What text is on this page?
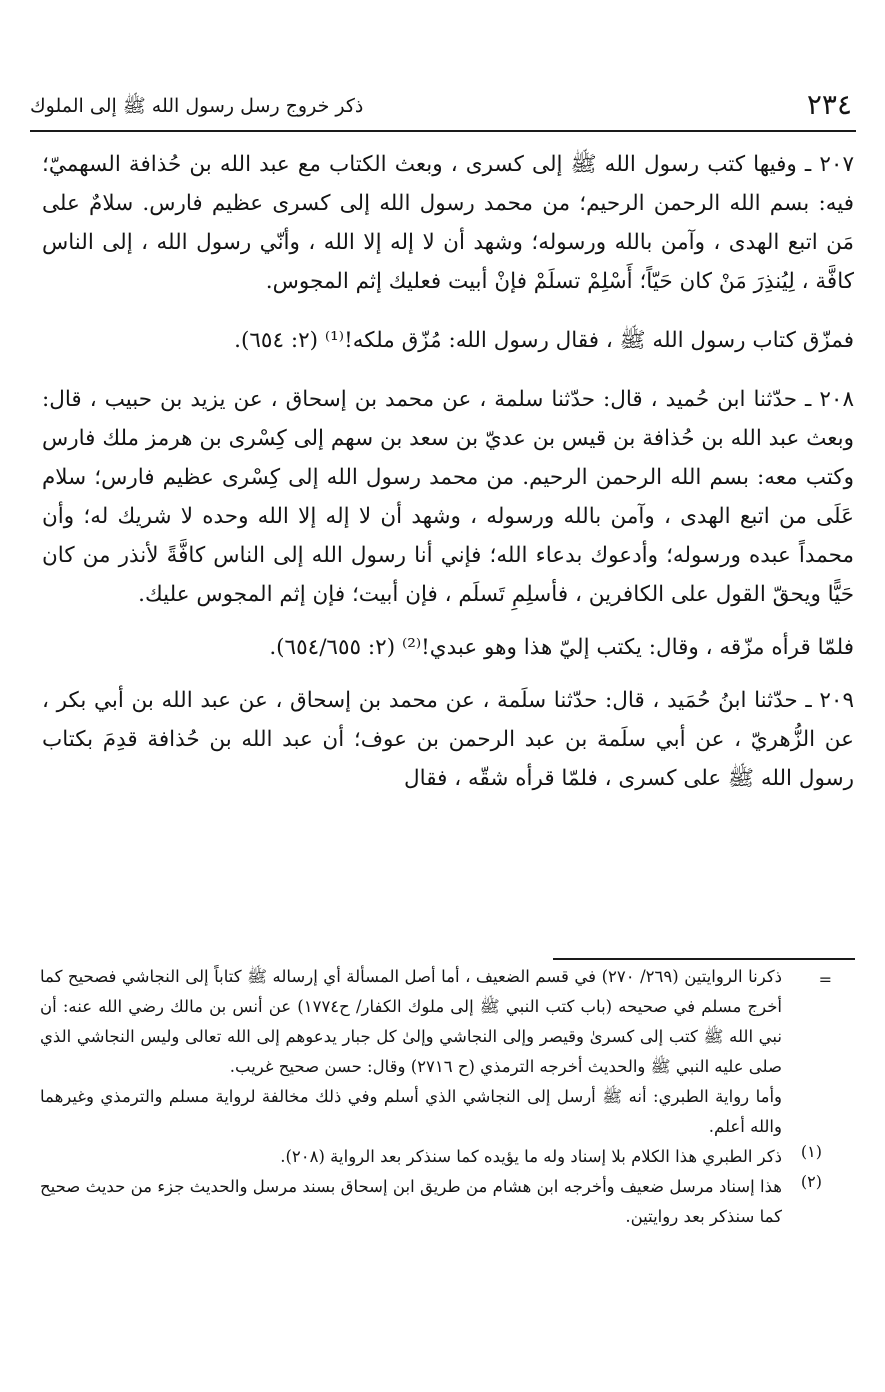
٢٣٤
ذكر خروج رسل رسول الله ﷺ إلى الملوك

٢٠٧ ـ وفيها كتب رسول الله ﷺ إلى كسرى ، وبعث الكتاب مع عبد الله بن حُذافة السهميّ؛ فيه: بسم الله الرحمن الرحيم؛ من محمد رسول الله إلى كسرى عظيم فارس. سلامٌ على مَن اتبع الهدى ، وآمن بالله ورسوله؛ وشهد أن لا إله إلا الله ، وأنّي رسول الله ، إلى الناس كافَّة ، لِيُنذِرَ مَنْ كان حَيّاً؛ أَسْلِمْ تسلَمْ فإنْ أبيت فعليك إثم المجوس.

فمزّق كتاب رسول الله ﷺ ، فقال رسول الله: مُزّق ملكه!⁽¹⁾ (٢: ٦٥٤).

٢٠٨ ـ حدّثنا ابن حُميد ، قال: حدّثنا سلمة ، عن محمد بن إسحاق ، عن يزيد بن حبيب ، قال: وبعث عبد الله بن حُذافة بن قيس بن عديّ بن سعد بن سهم إلى كِسْرى بن هرمز ملك فارس وكتب معه: بسم الله الرحمن الرحيم. من محمد رسول الله إلى كِسْرى عظيم فارس؛ سلام عَلَى من اتبع الهدى ، وآمن بالله ورسوله ، وشهد أن لا إله إلا الله وحده لا شريك له؛ وأن محمداً عبده ورسوله؛ وأدعوك بدعاء الله؛ فإني أنا رسول الله إلى الناس كافَّةً لأنذر من كان حَيًّا ويحقّ القول على الكافرين ، فأسلِمِ تَسلَم ، فإن أبيت؛ فإن إثم المجوس عليك.

فلمّا قرأه مزّقه ، وقال: يكتب إليّ هذا وهو عبدي!⁽²⁾ (٢: ٦٥٤/٦٥٥).

٢٠٩ ـ حدّثنا ابنُ حُمَيد ، قال: حدّثنا سلَمة ، عن محمد بن إسحاق ، عن عبد الله بن أبي بكر ، عن الزُّهريّ ، عن أبي سلَمة بن عبد الرحمن بن عوف؛ أن عبد الله بن حُذافة قدِمَ بكتاب رسول الله ﷺ على كسرى ، فلمّا قرأه شقّه ، فقال

=

ذكرنا الروايتين (٢٦٩/ ٢٧٠) في قسم الضعيف ، أما أصل المسألة أي إرساله ﷺ كتاباً إلى النجاشي فصحيح كما أخرج مسلم في صحيحه (باب كتب النبي ﷺ إلى ملوك الكفار/ ح١٧٧٤) عن أنس بن مالك رضي الله عنه: أن نبي الله ﷺ كتب إلى كسرىٰ وقيصر وإلى النجاشي وإلىٰ كل جبار يدعوهم إلى الله تعالى وليس النجاشي الذي صلى عليه النبي ﷺ والحديث أخرجه الترمذي (ح ٢٧١٦) وقال: حسن صحيح غريب.

وأما رواية الطبري: أنه ﷺ أرسل إلى النجاشي الذي أسلم وفي ذلك مخالفة لرواية مسلم والترمذي وغيرهما والله أعلم.

(١)

ذكر الطبري هذا الكلام بلا إسناد وله ما يؤيده كما سنذكر بعد الرواية (٢٠٨).

(٢)

هذا إسناد مرسل ضعيف وأخرجه ابن هشام من طريق ابن إسحاق بسند مرسل والحديث جزء من حديث صحيح كما سنذكر بعد روايتين.
